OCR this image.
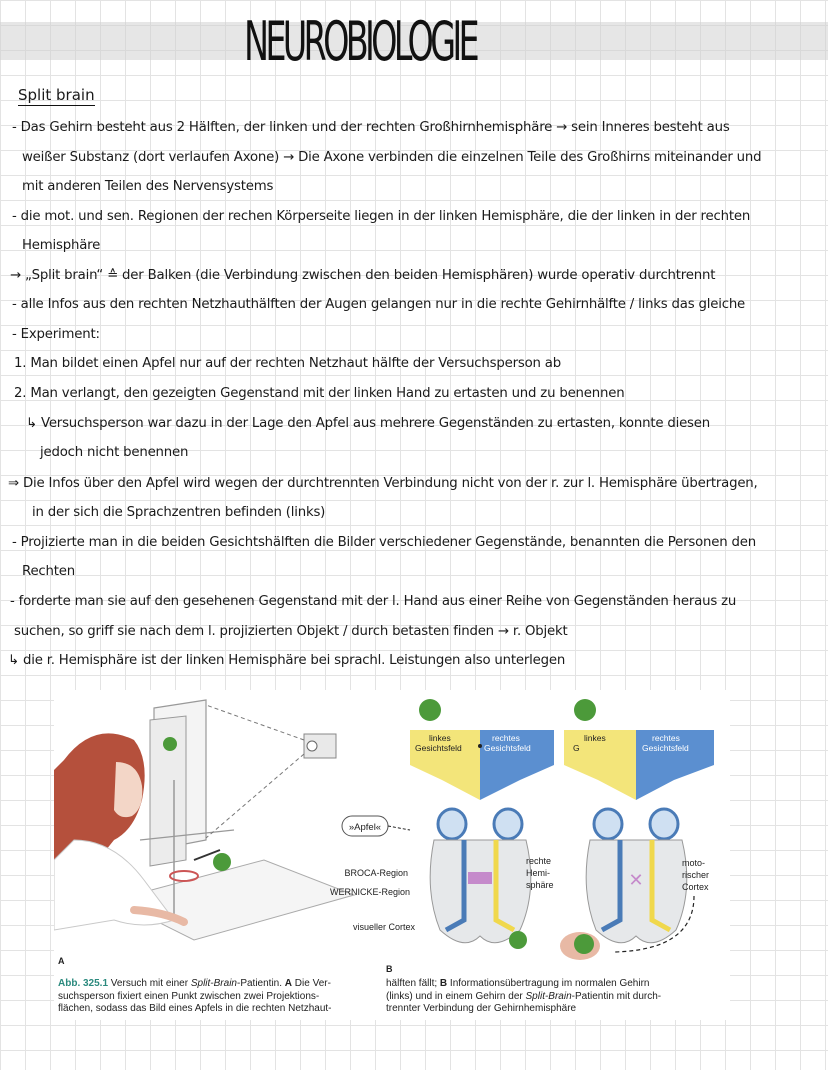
NEUROBIOLOGIE
Split brain
- Das Gehirn besteht aus 2 Hälften, der linken und der rechten Großhirnhemisphäre → sein Inneres besteht aus
weißer Substanz (dort verlaufen Axone) → Die Axone verbinden die einzelnen Teile des Großhirns miteinander und
mit anderen Teilen des Nervensystems
- die mot. und sen. Regionen der rechen Körperseite liegen in der linken Hemisphäre, die der linken in der rechten
Hemisphäre
→ „Split brain“ ≙ der Balken (die Verbindung zwischen den beiden Hemisphären) wurde operativ durchtrennt
- alle Infos aus den rechten Netzhauthälften der Augen gelangen nur in die rechte Gehirnhälfte / links das gleiche
- Experiment:
1. Man bildet einen Apfel nur auf der rechten Netzhaut hälfte der Versuchsperson ab
2. Man verlangt, den gezeigten Gegenstand mit der linken Hand zu ertasten und zu benennen
↳ Versuchsperson war dazu in der Lage den Apfel aus mehrere Gegenständen zu ertasten, konnte diesen
jedoch nicht benennen
⇒ Die Infos über den Apfel wird wegen der durchtrennten Verbindung nicht von der r. zur l. Hemisphäre übertragen,
in der sich die Sprachzentren befinden (links)
- Projizierte man in die beiden Gesichtshälften die Bilder verschiedener Gegenstände, benannten die Personen den
Rechten
- forderte man sie auf den gesehenen Gegenstand mit der l. Hand aus einer Reihe von Gegenständen heraus zu
suchen, so griff sie nach dem l. projizierten Objekt / durch betasten finden → r. Objekt
↳ die r. Hemisphäre ist der linken Hemisphäre bei sprachl. Leistungen also unterlegen
»Apfel«
A
linkes
Gesichtsfeld
rechtes
Gesichtsfeld
BROCA-Region
WERNICKE-Region
visueller Cortex
rechte
Hemi-
sphäre
B
linkes
G
rechtes
Gesichtsfeld
✕
moto-
rischer
Cortex
Abb. 325.1 Versuch mit einer Split-Brain-Patientin. A Die Ver-
suchsperson fixiert einen Punkt zwischen zwei Projektions-
flächen, sodass das Bild eines Apfels in die rechten Netzhaut-
hälften fällt; B Informationsübertragung im normalen Gehirn
(links) und in einem Gehirn der Split-Brain-Patientin mit durch-
trennter Verbindung der Gehirnhemisphäre
